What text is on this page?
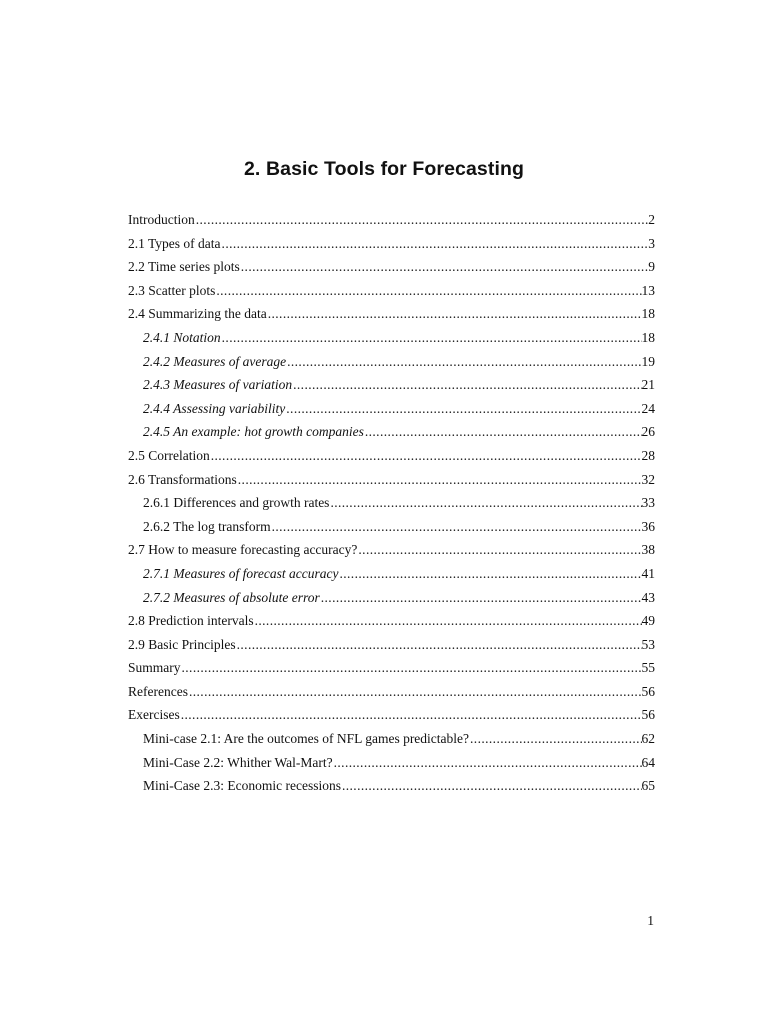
2. Basic Tools for Forecasting
Introduction .....	2
2.1 Types of data .....	3
2.2 Time series plots .....	9
2.3 Scatter plots .....	13
2.4 Summarizing the data .....	18
2.4.1 Notation .....	18
2.4.2 Measures of average .....	19
2.4.3 Measures of variation .....	21
2.4.4 Assessing variability .....	24
2.4.5 An example: hot growth companies .....	26
2.5 Correlation .....	28
2.6 Transformations .....	32
2.6.1 Differences and growth rates .....	33
2.6.2 The log transform .....	36
2.7 How to measure forecasting accuracy? .....	38
2.7.1 Measures of forecast accuracy .....	41
2.7.2 Measures of absolute error .....	43
2.8 Prediction intervals .....	49
2.9 Basic Principles .....	53
Summary .....	55
References .....	56
Exercises .....	56
Mini-case 2.1: Are the outcomes of NFL games predictable? .....	62
Mini-Case 2.2: Whither Wal-Mart? .....	64
Mini-Case 2.3: Economic recessions .....	65
1
